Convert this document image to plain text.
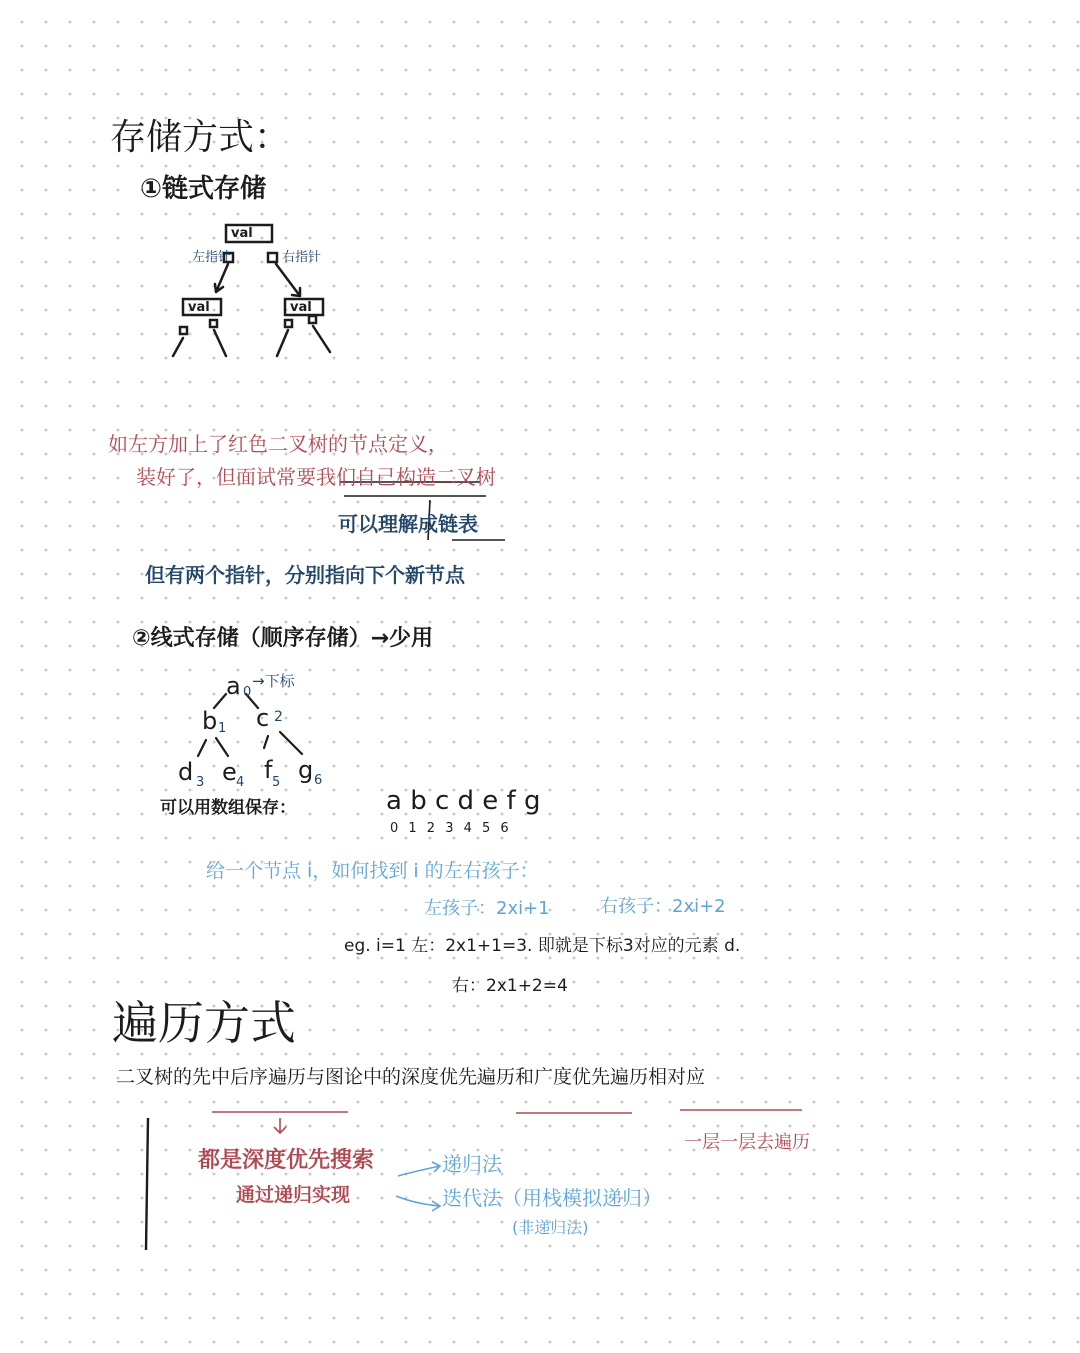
存储方式：
①链式存储
val
val	val
左指针	右指针
如左方加上了红色二叉树的节点定义，
装好了，但面试常要我们自己构造二叉树
可以理解成链表
但有两个指针，分别指向下个新节点
②线式存储（顺序存储）→少用
a 0
→下标
b 1 c 2
d 3 e 4 f 5 g 6
可以用数组保存：	a b c d e f g
0 1 2 3 4 5 6
给一个节点 i，如何找到 i 的左右孩子：
左孩子：2xi+1	右孩子：2xi+2
eg. i=1 左：2x1+1=3. 即就是下标3对应的元素 d.
右：2x1+2=4
遍历方式
二叉树的先中后序遍历与图论中的深度优先遍历和广度优先遍历相对应
一层一层去遍历
都是深度优先搜索
通过递归实现
递归法
迭代法（用栈模拟递归）
(非递归法)
